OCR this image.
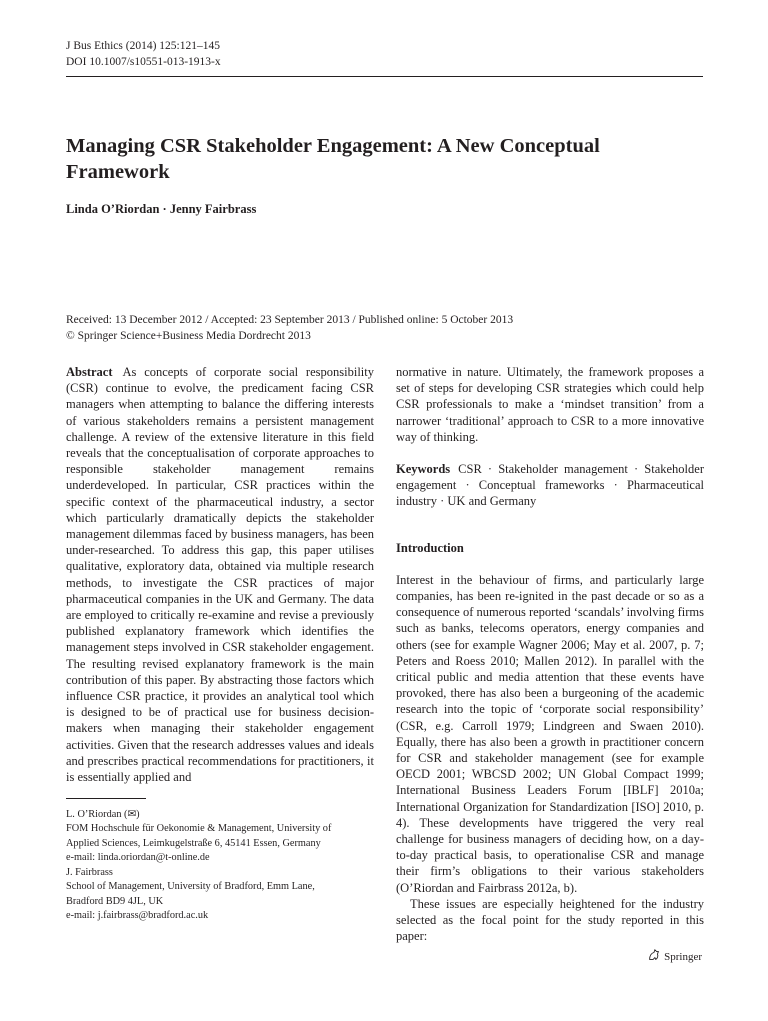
J Bus Ethics (2014) 125:121–145
DOI 10.1007/s10551-013-1913-x
Managing CSR Stakeholder Engagement: A New Conceptual Framework
Linda O’Riordan · Jenny Fairbrass
Received: 13 December 2012 / Accepted: 23 September 2013 / Published online: 5 October 2013
© Springer Science+Business Media Dordrecht 2013

Abstract As concepts of corporate social responsibility (CSR) continue to evolve, the predicament facing CSR managers when attempting to balance the differing interests of various stakeholders remains a persistent management challenge. A review of the extensive literature in this field reveals that the conceptualisation of corporate approaches to responsible stakeholder management remains underdeveloped. In particular, CSR practices within the specific context of the pharmaceutical industry, a sector which particularly dramatically depicts the stakeholder management dilemmas faced by business managers, has been under-researched. To address this gap, this paper utilises qualitative, exploratory data, obtained via multiple research methods, to investigate the CSR practices of major pharmaceutical companies in the UK and Germany. The data are employed to critically re-examine and revise a previously published explanatory framework which identifies the management steps involved in CSR stakeholder engagement. The resulting revised explanatory framework is the main contribution of this paper. By abstracting those factors which influence CSR practice, it provides an analytical tool which is designed to be of practical use for business decision-makers when managing their stakeholder engagement activities. Given that the research addresses values and ideals and prescribes practical recommendations for practitioners, it is essentially applied and

L. O’Riordan (✉)
FOM Hochschule für Oekonomie & Management, University of
Applied Sciences, Leimkugelstraße 6, 45141 Essen, Germany
e-mail: linda.oriordan@t-online.de
J. Fairbrass
School of Management, University of Bradford, Emm Lane,
Bradford BD9 4JL, UK
e-mail: j.fairbrass@bradford.ac.uk

normative in nature. Ultimately, the framework proposes a set of steps for developing CSR strategies which could help CSR professionals to make a ‘mindset transition’ from a narrower ‘traditional’ approach to CSR to a more innovative way of thinking.

Keywords CSR · Stakeholder management · Stakeholder engagement · Conceptual frameworks · Pharmaceutical industry · UK and Germany

Introduction

Interest in the behaviour of firms, and particularly large companies, has been re-ignited in the past decade or so as a consequence of numerous reported ‘scandals’ involving firms such as banks, telecoms operators, energy companies and others (see for example Wagner 2006; May et al. 2007, p. 7; Peters and Roess 2010; Mallen 2012). In parallel with the critical public and media attention that these events have provoked, there has also been a burgeoning of the academic research into the topic of ‘corporate social responsibility’ (CSR, e.g. Carroll 1979; Lindgreen and Swaen 2010). Equally, there has also been a growth in practitioner concern for CSR and stakeholder management (see for example OECD 2001; WBCSD 2002; UN Global Compact 1999; International Business Leaders Forum [IBLF] 2010a; International Organization for Standardization [ISO] 2010, p. 4). These developments have triggered the very real challenge for business managers of deciding how, on a day-to-day practical basis, to operationalise CSR and manage their firm’s obligations to their various stakeholders (O’Riordan and Fairbrass 2012a, b).

These issues are especially heightened for the industry selected as the focal point for the study reported in this paper:

Springer
